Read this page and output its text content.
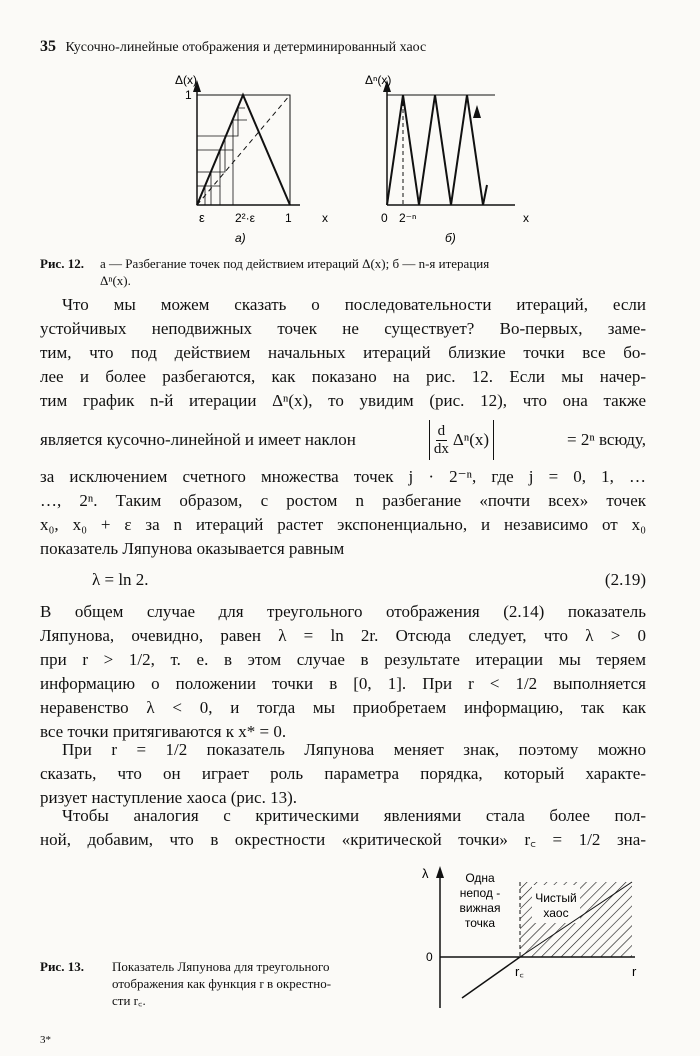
35 Кусочно-линейные отображения и детерминированный хаос
Δ(x)
1
ε	2²·ε 1	x
а)
Δⁿ(x)
0 2⁻ⁿ	x
б)
Рис. 12.	а — Разбегание точек под действием итераций Δ(x); б — n-я итерация
Δⁿ(x).
Что мы можем сказать о последовательности итераций, если
устойчивых неподвижных точек не существует? Во-первых, заме-
тим, что под действием начальных итераций близкие точки все бо-
лее и более разбегаются, как показано на рис. 12. Если мы начер-
тим график n-й итерации Δⁿ(x), то увидим (рис. 12), что она также
является кусочно-линейной и имеет наклон	$\frac{d}{dx} \Delta^n(x)$	= 2ⁿ всюду,
за исключением счетного множества точек j · 2⁻ⁿ, где j = 0, 1, …
…, 2ⁿ. Таким образом, с ростом n разбегание «почти всех» точек
x₀, x₀ + ε за n итераций растет экспоненциально, и независимо от x₀
показатель Ляпунова оказывается равным
λ = ln 2.	(2.19)
В общем случае для треугольного отображения (2.14) показатель
Ляпунова, очевидно, равен λ = ln 2r. Отсюда следует, что λ > 0
при r > 1/2, т. е. в этом случае в результате итерации мы теряем
информацию о положении точки в [0, 1]. При r < 1/2 выполняется
неравенство λ < 0, и тогда мы приобретаем информацию, так как
все точки притягиваются к x* = 0.
При r = 1/2 показатель Ляпунова меняет знак, поэтому можно
сказать, что он играет роль параметра порядка, который характе-
ризует наступление хаоса (рис. 13).
Чтобы аналогия с критическими явлениями стала более пол-
ной, добавим, что в окрестности «критической точки» r꜀ = 1/2 зна-
λ
0
r
r꜀
Одна
непод -
вижная
точка
Чистый
хаос
Рис. 13.	Показатель Ляпунова для треугольного
отображения как функция r в окрестно-
сти r꜀.
3*
